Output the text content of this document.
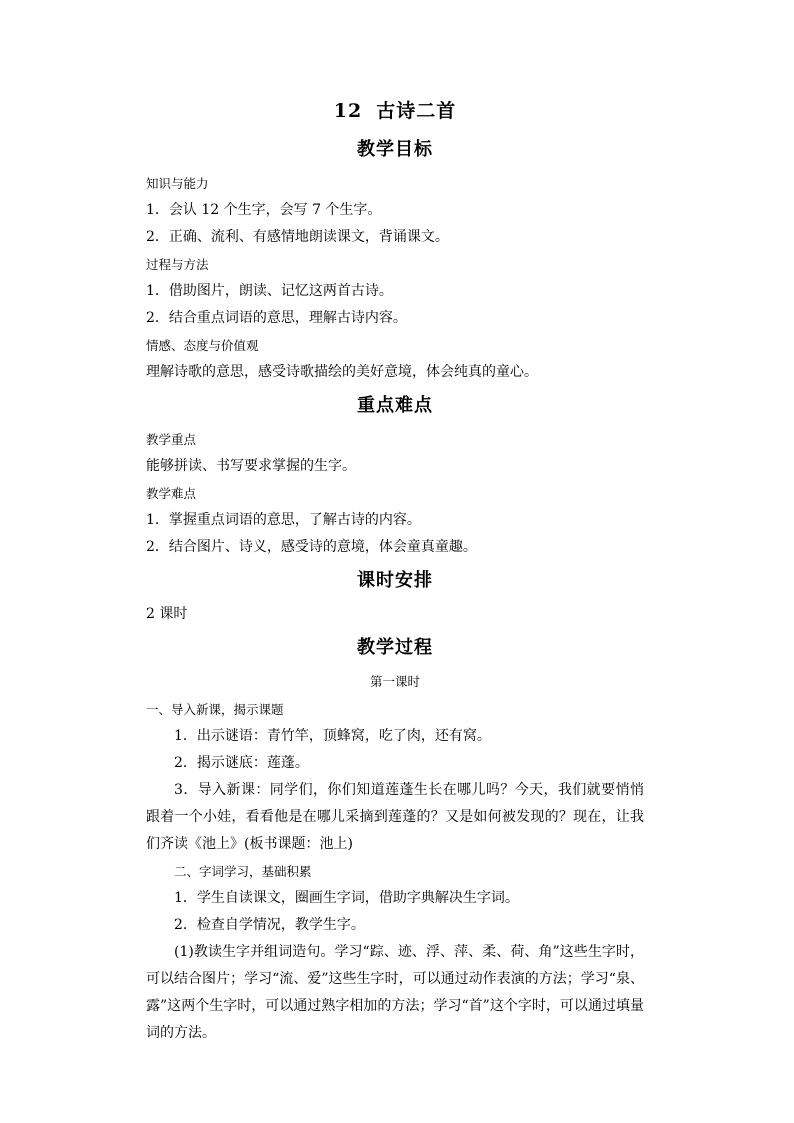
12 古诗二首
教学目标

知识与能力

1．会认 12 个生字，会写 7 个生字。

2．正确、流利、有感情地朗读课文，背诵课文。

过程与方法

1．借助图片，朗读、记忆这两首古诗。

2．结合重点词语的意思，理解古诗内容。

情感、态度与价值观

理解诗歌的意思，感受诗歌描绘的美好意境，体会纯真的童心。

重点难点

教学重点

能够拼读、书写要求掌握的生字。

教学难点

1．掌握重点词语的意思，了解古诗的内容。

2．结合图片、诗义，感受诗的意境，体会童真童趣。

课时安排

2 课时

教学过程

第一课时

一、导入新课，揭示课题

1．出示谜语：青竹竿，顶蜂窝，吃了肉，还有窝。

2．揭示谜底：莲蓬。

3．导入新课：同学们，你们知道莲蓬生长在哪儿吗？今天，我们就要悄悄跟着一个小娃，看看他是在哪儿采摘到莲蓬的？又是如何被发现的？现在，让我们齐读《池上》(板书课题：池上)

二、字词学习，基础积累

1．学生自读课文，圈画生字词，借助字典解决生字词。

2．检查自学情况，教学生字。

(1)教读生字并组词造句。学习“踪、迹、浮、萍、柔、荷、角”这些生字时，可以结合图片；学习“流、爱”这些生字时，可以通过动作表演的方法；学习“泉、露”这两个生字时，可以通过熟字相加的方法；学习“首”这个字时，可以通过填量词的方法。
